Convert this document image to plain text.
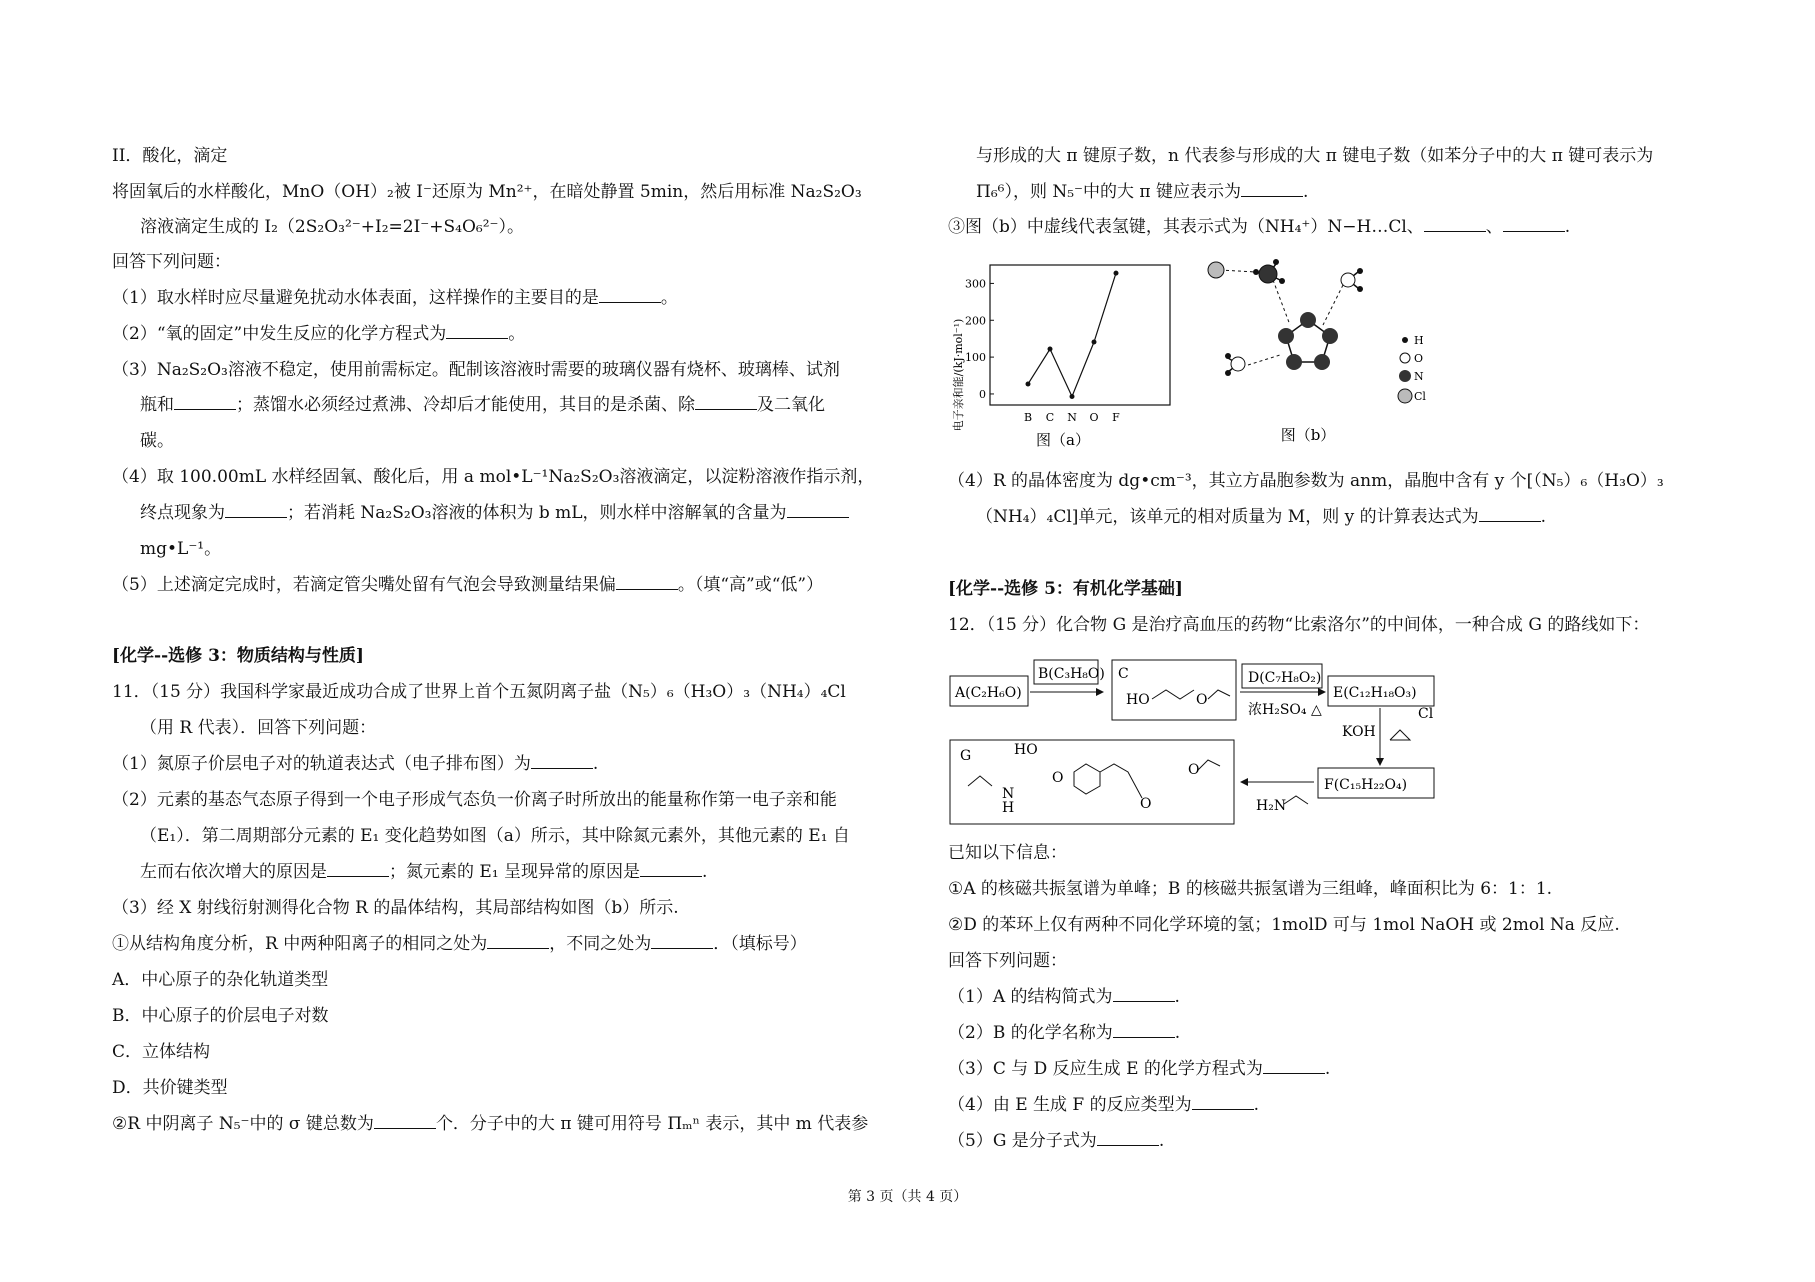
II．酸化，滴定
将固氧后的水样酸化，MnO（OH）₂被 I⁻还原为 Mn²⁺，在暗处静置 5min，然后用标准 Na₂S₂O₃
溶液滴定生成的 I₂（2S₂O₃²⁻+I₂=2I⁻+S₄O₆²⁻）。
回答下列问题：
（1）取水样时应尽量避免扰动水体表面，这样操作的主要目的是	。
（2）“氧的固定”中发生反应的化学方程式为	。
（3）Na₂S₂O₃溶液不稳定，使用前需标定。配制该溶液时需要的玻璃仪器有烧杯、玻璃棒、试剂
瓶和	；蒸馏水必须经过煮沸、冷却后才能使用，其目的是杀菌、除	及二氧化
碳。
（4）取 100.00mL 水样经固氧、酸化后，用 a mol•L⁻¹Na₂S₂O₃溶液滴定，以淀粉溶液作指示剂，
终点现象为	；若消耗 Na₂S₂O₃溶液的体积为 b mL，则水样中溶解氧的含量为
mg•L⁻¹。
（5）上述滴定完成时，若滴定管尖嘴处留有气泡会导致测量结果偏	。（填“高”或“低”）
[化学--选修 3：物质结构与性质]
11．（15 分）我国科学家最近成功合成了世界上首个五氮阴离子盐（N₅）₆（H₃O）₃（NH₄）₄Cl
（用 R 代表）．回答下列问题：
（1）氮原子价层电子对的轨道表达式（电子排布图）为	.
（2）元素的基态气态原子得到一个电子形成气态负一价离子时所放出的能量称作第一电子亲和能
（E₁）．第二周期部分元素的 E₁ 变化趋势如图（a）所示，其中除氮元素外，其他元素的 E₁ 自
左而右依次增大的原因是	；氮元素的 E₁ 呈现异常的原因是	.
（3）经 X 射线衍射测得化合物 R 的晶体结构，其局部结构如图（b）所示.
①从结构角度分析，R 中两种阳离子的相同之处为	，不同之处为	．（填标号）
A．中心原子的杂化轨道类型
B．中心原子的价层电子对数
C．立体结构
D．共价键类型
②R 中阴离子 N₅⁻中的 σ 键总数为	个．分子中的大 π 键可用符号 Πₘⁿ 表示，其中 m 代表参
与形成的大 π 键原子数，n 代表参与形成的大 π 键电子数（如苯分子中的大 π 键可表示为
Π₆⁶），则 N₅⁻中的大 π 键应表示为	.
③图（b）中虚线代表氢键，其表示式为（NH₄⁺）N−H…Cl、	、	.
电子亲和能/(kJ·mol⁻¹) 0
100
200
300
B C N O F
图（a）
H
O
N
Cl
图（b）
（4）R 的晶体密度为 dg•cm⁻³，其立方晶胞参数为 anm，晶胞中含有 y 个[（N₅）₆（H₃O）₃
（NH₄）₄Cl]单元，该单元的相对质量为 M，则 y 的计算表达式为	.
[化学--选修 5：有机化学基础]
12．（15 分）化合物 G 是治疗高血压的药物“比索洛尔”的中间体，一种合成 G 的路线如下：
A(C₂H₆O)
B(C₃H₈O) C
HO	O
D(C₇H₈O₂)
浓H₂SO₄ △
E(C₁₂H₁₈O₃)
KOH
Cl
F(C₁₅H₂₂O₄)
H₂N
G	HO
N
H
O
O
O
已知以下信息：
①A 的核磁共振氢谱为单峰；B 的核磁共振氢谱为三组峰，峰面积比为 6：1：1.
②D 的苯环上仅有两种不同化学环境的氢；1molD 可与 1mol NaOH 或 2mol Na 反应.
回答下列问题：
（1）A 的结构简式为	.
（2）B 的化学名称为	.
（3）C 与 D 反应生成 E 的化学方程式为	.
（4）由 E 生成 F 的反应类型为	.
（5）G 是分子式为	.
第 3 页（共 4 页）
